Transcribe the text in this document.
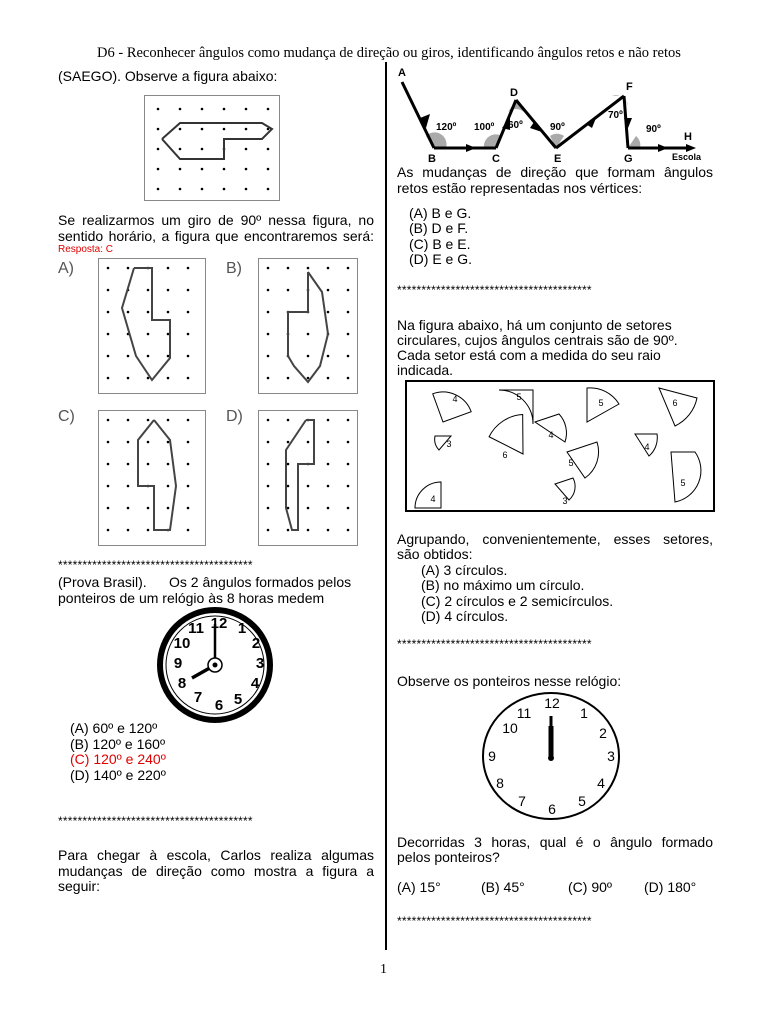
D6 - Reconhecer ângulos como mudança de direção ou giros, identificando ângulos retos e não retos
(SAEGO). Observe a figura abaixo:
Se realizarmos um giro de 90º nessa figura, no
sentido horário, a figura que encontraremos será:
Resposta: C
A)	B)
C)	D)
****************************************
(Prova Brasil). Os 2 ângulos formados pelos
ponteiros de um relógio às 8 horas medem
12 1
2
3
4
5
6
7
8
9
10
11
(A) 60º e 120º
(B) 120º e 160º
(C) 120º e 240º
(D) 140º e 220º
****************************************
Para chegar à escola, Carlos realiza algumas
mudanças de direção como mostra a figura a
seguir:
A
B	C
D
E
F
G
H
120º 100º 60º	90º
70º
90º
Escola
As mudanças de direção que formam ângulos
retos estão representadas nos vértices:
(A) B e G.
(B) D e F.
(C) B e E.
(D) E e G.
****************************************
Na figura abaixo, há um conjunto de setores
circulares, cujos ângulos centrais são de 90º.
Cada setor está com a medida do seu raio
indicada.
4	5
5	6
3
4
6
5
4
3
4
5
Agrupando, convenientemente, esses setores,
são obtidos:
(A) 3 círculos.
(B) no máximo um círculo.
(C) 2 círculos e 2 semicírculos.
(D) 4 círculos.
****************************************
Observe os ponteiros nesse relógio:
12
1
2
3
4
5
6
7
8
9
10
11
Decorridas 3 horas, qual é o ângulo formado
pelos ponteiros?
(A) 15°	(B) 45°	(C) 90º (D) 180°
****************************************
1
